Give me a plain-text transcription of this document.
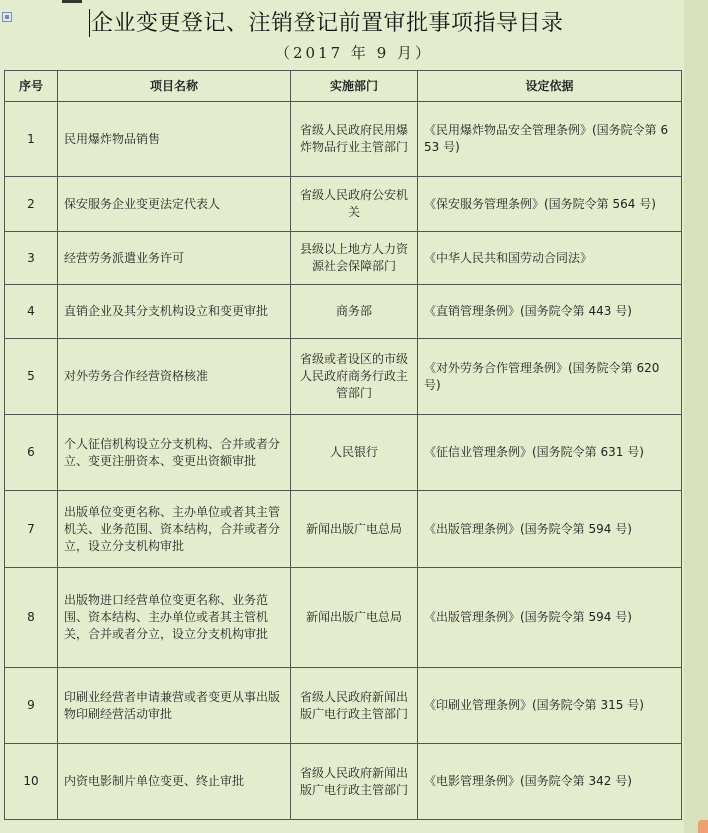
企业变更登记、注销登记前置审批事项指导目录
（2017 年 9 月）
序号	项目名称	实施部门	设定依据
1	民用爆炸物品销售	省级人民政府民用爆炸物品行业主管部门	《民用爆炸物品安全管理条例》(国务院令第 653 号)
2	保安服务企业变更法定代表人	省级人民政府公安机关	《保安服务管理条例》(国务院令第 564 号)
3	经营劳务派遣业务许可	县级以上地方人力资源社会保障部门	《中华人民共和国劳动合同法》
4	直销企业及其分支机构设立和变更审批	商务部	《直销管理条例》(国务院令第 443 号)
5	对外劳务合作经营资格核准	省级或者设区的市级人民政府商务行政主管部门	《对外劳务合作管理条例》(国务院令第 620 号)
6	个人征信机构设立分支机构、合并或者分立、变更注册资本、变更出资额审批	人民银行	《征信业管理条例》(国务院令第 631 号)
7	出版单位变更名称、主办单位或者其主管机关、业务范围、资本结构，合并或者分立，设立分支机构审批	新闻出版广电总局	《出版管理条例》(国务院令第 594 号)
8	出版物进口经营单位变更名称、业务范围、资本结构、主办单位或者其主管机关，合并或者分立，设立分支机构审批	新闻出版广电总局	《出版管理条例》(国务院令第 594 号)
9	印刷业经营者申请兼营或者变更从事出版物印刷经营活动审批	省级人民政府新闻出版广电行政主管部门	《印刷业管理条例》(国务院令第 315 号)
10	内资电影制片单位变更、终止审批	省级人民政府新闻出版广电行政主管部门	《电影管理条例》(国务院令第 342 号)
